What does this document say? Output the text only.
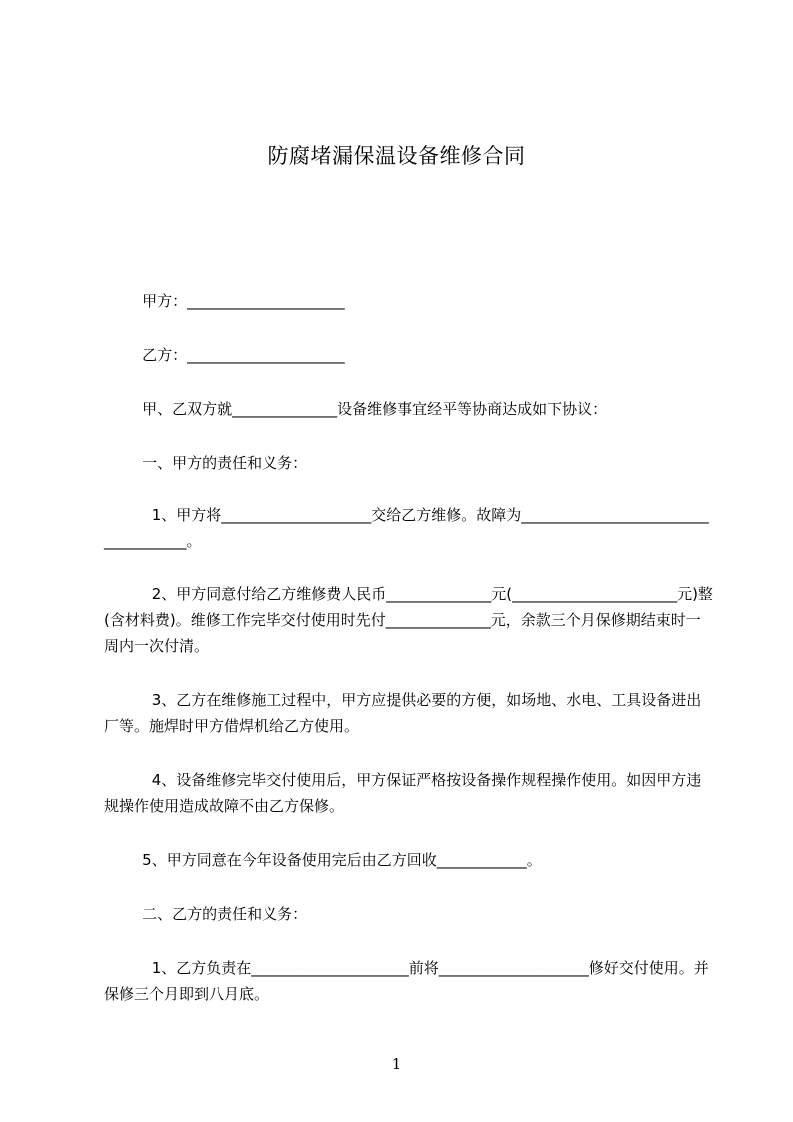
防腐堵漏保温设备维修合同
甲方：_____________________
乙方：_____________________
甲、乙双方就______________设备维修事宜经平等协商达成如下协议：
一、甲方的责任和义务：
1、甲方将____________________交给乙方维修。故障为____________________________________。
2、甲方同意付给乙方维修费人民币______________元(______________________元)整(含材料费)。维修工作完毕交付使用时先付______________元，余款三个月保修期结束时一周内一次付清。
3、乙方在维修施工过程中，甲方应提供必要的方便，如场地、水电、工具设备进出厂等。施焊时甲方借焊机给乙方使用。
4、设备维修完毕交付使用后，甲方保证严格按设备操作规程操作使用。如因甲方违规操作使用造成故障不由乙方保修。
5、甲方同意在今年设备使用完后由乙方回收____________。
二、乙方的责任和义务：
1、乙方负责在_____________________前将____________________修好交付使用。并保修三个月即到八月底。
1
